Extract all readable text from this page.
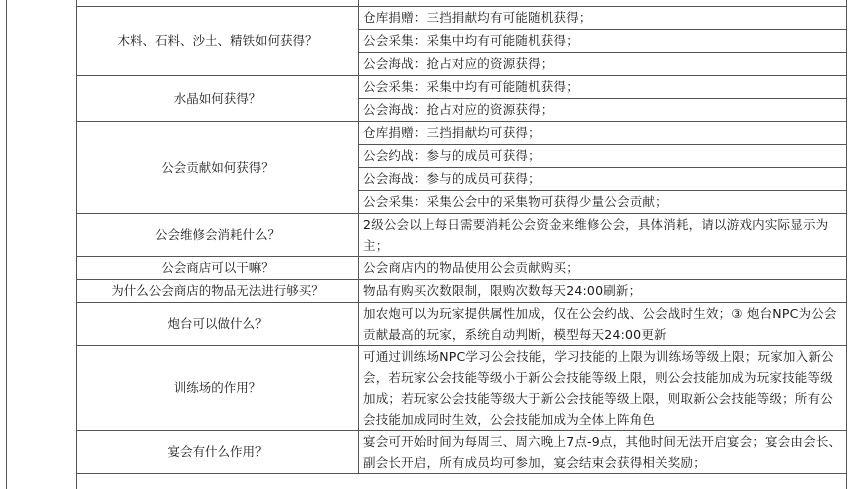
木料、石料、沙土、精铁如何获得？	仓库捐赠：三挡捐献均有可能随机获得；
	公会采集：采集中均有可能随机获得；
	公会海战：抢占对应的资源获得；
水晶如何获得？	公会采集：采集中均有可能随机获得；
	公会海战：抢占对应的资源获得；
公会贡献如何获得？	仓库捐赠：三挡捐献均可获得；
	公会约战：参与的成员可获得；
	公会海战：参与的成员可获得；
	公会采集：采集公会中的采集物可获得少量公会贡献；
公会维修会消耗什么？	2级公会以上每日需要消耗公会资金来维修公会，具体消耗，请以游戏内实际显示为主；
公会商店可以干嘛？	公会商店内的物品使用公会贡献购买；
为什么公会商店的物品无法进行够买？	物品有购买次数限制，限购次数每天24:00刷新；
炮台可以做什么？	加农炮可以为玩家提供属性加成，仅在公会约战、公会战时生效；③ 炮台NPC为公会贡献最高的玩家，系统自动判断，模型每天24:00更新
训练场的作用？	可通过训练场NPC学习公会技能，学习技能的上限为训练场等级上限；玩家加入新公会，若玩家公会技能等级小于新公会技能等级上限，则公会技能加成为玩家技能等级加成；若玩家公会技能等级大于新公会技能等级上限，则取新公会技能等级；所有公会技能加成同时生效，公会技能加成为全体上阵角色
宴会有什么作用？	宴会可开始时间为每周三、周六晚上7点-9点，其他时间无法开启宴会；宴会由会长、副会长开启，所有成员均可参加，宴会结束会获得相关奖励；
